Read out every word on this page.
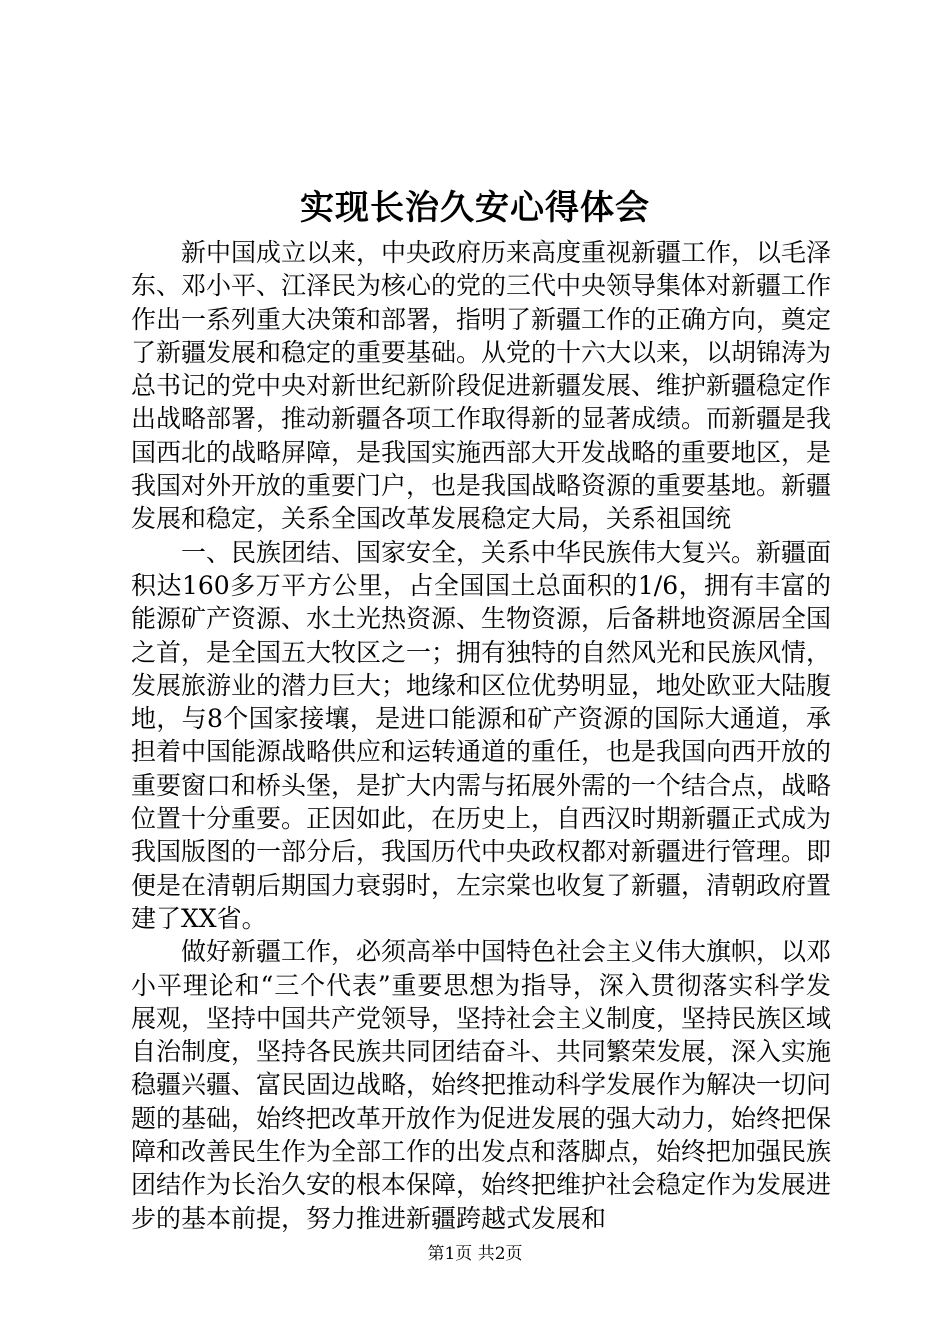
实现长治久安心得体会

新中国成立以来，中央政府历来高度重视新疆工作，以毛泽东、邓小平、江泽民为核心的党的三代中央领导集体对新疆工作作出一系列重大决策和部署，指明了新疆工作的正确方向，奠定了新疆发展和稳定的重要基础。从党的十六大以来，以胡锦涛为总书记的党中央对新世纪新阶段促进新疆发展、维护新疆稳定作出战略部署，推动新疆各项工作取得新的显著成绩。而新疆是我国西北的战略屏障，是我国实施西部大开发战略的重要地区，是我国对外开放的重要门户，也是我国战略资源的重要基地。新疆发展和稳定，关系全国改革发展稳定大局，关系祖国统

一、民族团结、国家安全，关系中华民族伟大复兴。新疆面积达160多万平方公里，占全国国土总面积的1/6，拥有丰富的能源矿产资源、水土光热资源、生物资源，后备耕地资源居全国之首，是全国五大牧区之一；拥有独特的自然风光和民族风情，发展旅游业的潜力巨大；地缘和区位优势明显，地处欧亚大陆腹地，与8个国家接壤，是进口能源和矿产资源的国际大通道，承担着中国能源战略供应和运转通道的重任，也是我国向西开放的重要窗口和桥头堡，是扩大内需与拓展外需的一个结合点，战略位置十分重要。正因如此，在历史上，自西汉时期新疆正式成为我国版图的一部分后，我国历代中央政权都对新疆进行管理。即便是在清朝后期国力衰弱时，左宗棠也收复了新疆，清朝政府置建了XX省。

做好新疆工作，必须高举中国特色社会主义伟大旗帜，以邓小平理论和“三个代表”重要思想为指导，深入贯彻落实科学发展观，坚持中国共产党领导，坚持社会主义制度，坚持民族区域自治制度，坚持各民族共同团结奋斗、共同繁荣发展，深入实施稳疆兴疆、富民固边战略，始终把推动科学发展作为解决一切问题的基础，始终把改革开放作为促进发展的强大动力，始终把保障和改善民生作为全部工作的出发点和落脚点，始终把加强民族团结作为长治久安的根本保障，始终把维护社会稳定作为发展进步的基本前提，努力推进新疆跨越式发展和

第1页 共2页
